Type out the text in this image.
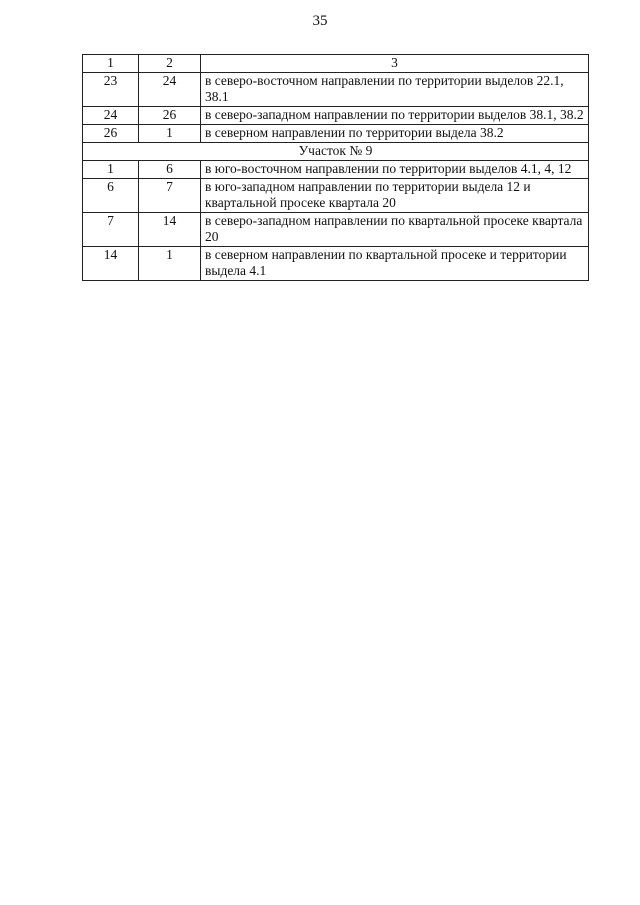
35
1	2	3
23	24	в северо-восточном направлении по территории выделов 22.1, 38.1
24	26	в северо-западном направлении по территории выделов 38.1, 38.2
26	1	в северном направлении по территории выдела 38.2
Участок № 9		
1	6	в юго-восточном направлении по территории выделов 4.1, 4, 12
6	7	в юго-западном направлении по территории выдела 12 и квартальной просеке квартала 20
7	14	в северо-западном направлении по квартальной просеке квартала 20
14	1	в северном направлении по квартальной просеке и территории выдела 4.1
